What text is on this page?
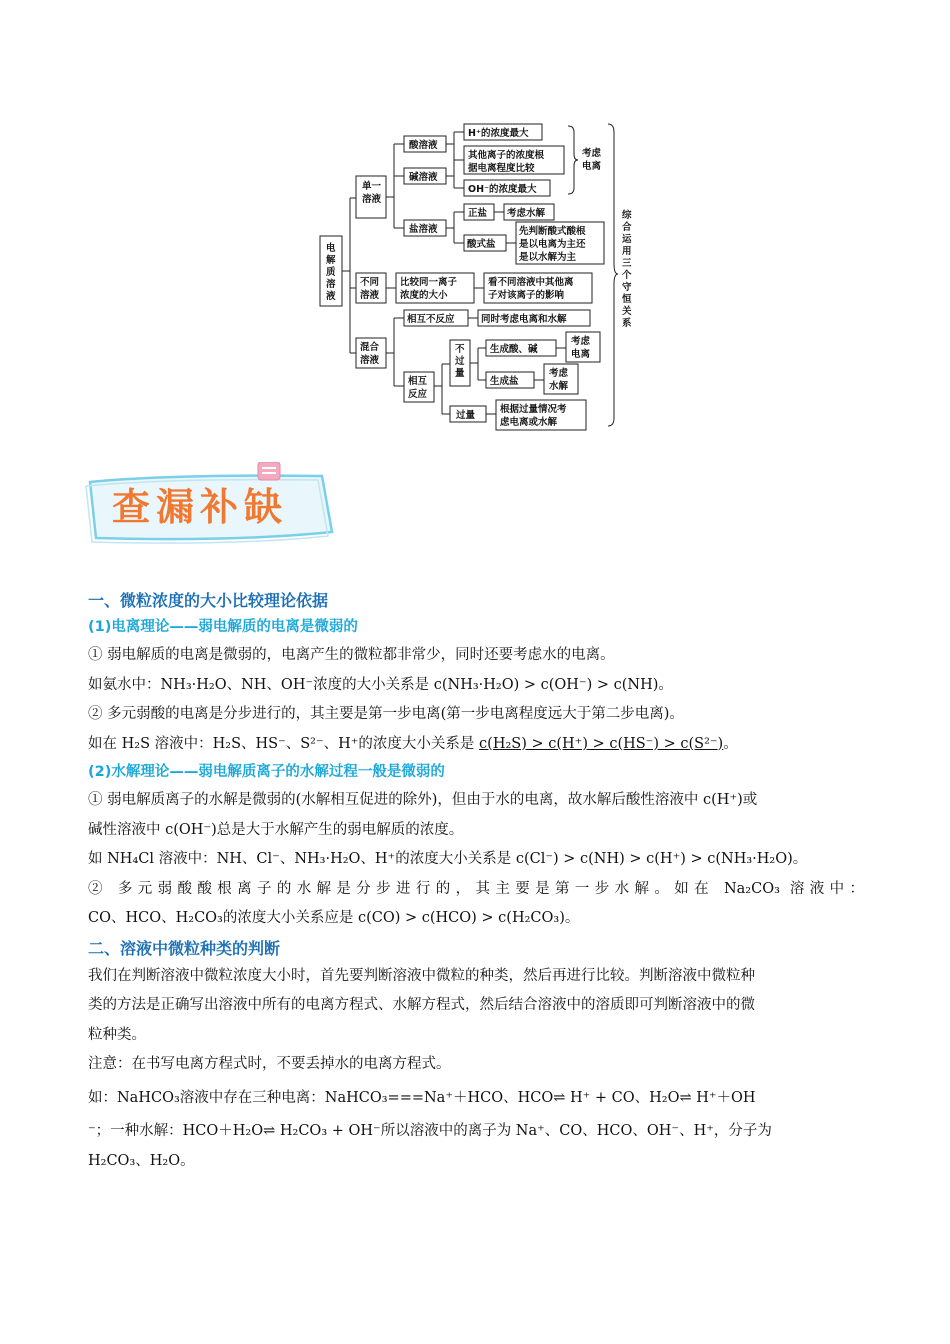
电解质溶液
单一溶液
不同溶液
混合溶液
酸溶液
碱溶液
盐溶液
H⁺的浓度最大
其他离子的浓度根据电离程度比较
OH⁻的浓度最大
考虑电离
正盐 考虑水解
酸式盐
先判断酸式酸根是以电离为主还是以水解为主
比较同一离子浓度的大小
看不同溶液中其他离子对该离子的影响
相互不反应	同时考虑电离和水解
相互反应
不过量
生成酸、碱
考虑电离
生成盐
考虑水解
过量
根据过量情况考虑电离或水解
综合运用三个守恒关系
查漏补缺

一、微粒浓度的大小比较理论依据

(1)电离理论——弱电解质的电离是微弱的

① 弱电解质的电离是微弱的，电离产生的微粒都非常少，同时还要考虑水的电离。

如氨水中：NH₃·H₂O、NH、OH⁻浓度的大小关系是 c(NH₃·H₂O) > c(OH⁻) > c(NH)。

② 多元弱酸的电离是分步进行的，其主要是第一步电离(第一步电离程度远大于第二步电离)。

如在 H₂S 溶液中：H₂S、HS⁻、S²⁻、H⁺的浓度大小关系是 c(H₂S) > c(H⁺) > c(HS⁻) > c(S²⁻)。

(2)水解理论——弱电解质离子的水解过程一般是微弱的

① 弱电解质离子的水解是微弱的(水解相互促进的除外)，但由于水的电离，故水解后酸性溶液中 c(H⁺)或

碱性溶液中 c(OH⁻)总是大于水解产生的弱电解质的浓度。

如 NH₄Cl 溶液中：NH、Cl⁻、NH₃·H₂O、H⁺的浓度大小关系是 c(Cl⁻) > c(NH) > c(H⁺) > c(NH₃·H₂O)。

② 多元弱酸酸根离子的水解是分步进行的，其主要是第一步水解。如在 Na₂CO₃ 溶液中：

CO、HCO、H₂CO₃的浓度大小关系应是 c(CO) > c(HCO) > c(H₂CO₃)。

二、溶液中微粒种类的判断

我们在判断溶液中微粒浓度大小时，首先要判断溶液中微粒的种类，然后再进行比较。判断溶液中微粒种

类的方法是正确写出溶液中所有的电离方程式、水解方程式，然后结合溶液中的溶质即可判断溶液中的微

粒种类。

注意：在书写电离方程式时，不要丢掉水的电离方程式。

如：NaHCO₃溶液中存在三种电离：NaHCO₃===Na⁺＋HCO、HCO⇌ H⁺ + CO、H₂O⇌ H⁺＋OH

⁻；一种水解：HCO＋H₂O⇌ H₂CO₃ + OH⁻所以溶液中的离子为 Na⁺、CO、HCO、OH⁻、H⁺，分子为

H₂CO₃、H₂O。
